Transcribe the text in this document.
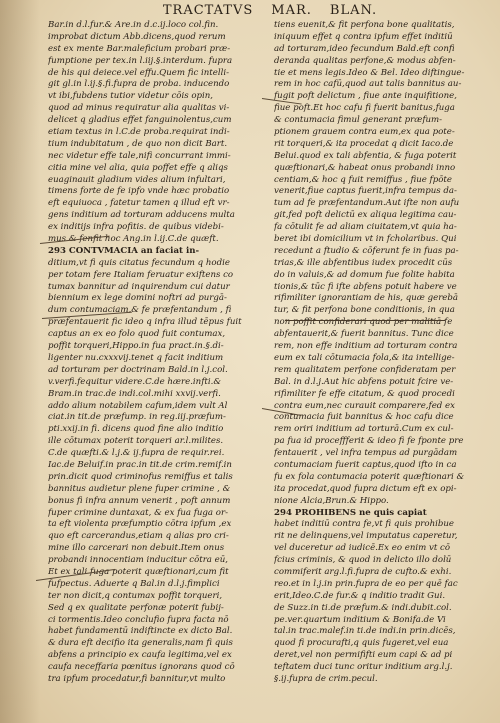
TRACTATVS MAR. BLAN.
Bar.in d.l.fur.& Are.in d.c.ij.loco col.fin.
improbat dictum Abb.dicens,quod rerum
est ex mente Bar.maleficium probari præ-
fumptione per tex.in l.iij.§.interdum. fupra
de his qui deiece.vel effu.Quem fic intelli-
git gl.in l.ij.§.fi.fupra de proba. inducendo
vt ibi,fubdens tutior videtur cōis opin,
quod ad minus requiratur alia qualitas vi-
delicet q gladius effet fanguinolentus,cum
etiam textus in l.C.de proba.requirat indi-
tium indubitatum , de quo non dicit Bart.
nec videtur effe tale,nifi concurrant immi-
citia mine vel alia, quia poffet effe q aliqs
euaginauit gladium vides alium infultari,
timens forte de fe ipfo vnde hæc probatio
eft equiuoca , fatetur tamen q illud eft vr-
gens inditium ad torturam adducens multa
ex inditijs infra pofitis. de quibus videbi-
mus & fenfit hoc Ang.in l.ij.C.de quæft.
293 CONTVMACIA an faciat in-
ditium,vt fi quis citatus fecundum q hodie
per totam fere Italiam feruatur exiftens co
tumax bannitur ad inquirendum cui datur
biennium ex lege domini noftri ad purgā-
dum contumaciam,& fe præfentandum , fi
præfentauerit fic ideo q infra illud tēpus fuit
captus an ex eo folo quod fuit contumax,
poffit torqueri,Hippo.in fua pract.in.§.di-
ligenter nu.cxxxvij.tenet q facit inditium
ad torturam per doctrinam Bald.in l.j.col.
v.verfi.fequitur videre.C.de hære.infti.&
Bram.in trac.de indi.col.mihi xxvij.verfi.
addo alium notabilem cafum,idem vult Al
ciat.in tit.de præfump. in reg.iij.præfum-
pti.xxij.in fi. dicens quod fine alio inditio
ille cōtumax poterit torqueri ar.l.milites.
C.de quæfti.& l.j.& ij.fupra de requir.rei.
Iac.de Beluif.in prac.in tit.de crim.remif.in
prin.dicit quod criminofus remiffus et talis
bannitus audietur plene fuper crimine , &
bonus fi infra annum venerit , poft annum
fuper crimine duntaxat, & ex fua fuga or-
ta eft violenta præfumptio cōtra ipfum ,ex
quo eft carcerandus,etiam q alias pro cri-
mine illo carcerari non debuit.Item onus
probandi innocentiam inducitur cōtra eū,
Et ex tali fuga poterit quæftionari,cum fit
fufpectus. Aduerte q Bal.in d.l.j.fimplici
ter non dicit,q contumax poffit torqueri,
Sed q ex qualitate perfonæ poterit fubij-
ci tormentis.Ideo conclufio fupra facta nō
habet fundamentū indiftincte ex dicto Bal.
& dura eft decifio ita generalis,nam fi quis
abfens a principio ex caufa legitima,vel ex
caufa neceffaria pœnitus ignorans quod cō
tra ipfum procedatur,fi bannitur,vt multo
tiens euenit,& fit perfona bone qualitatis,
iniquum effet q contra ipfum effet inditiū
ad torturam,ideo fecundum Bald.eft confi
deranda qualitas perfone,& modus abfen-
tie et mens legis.Ideo & Bel. Ideo diftingue-
rem in hoc cafū,quod aut talis bannitus au-
fugit poft delictum , fiue ante inquifitione,
fiue poft.Et hoc cafu fi fuerit banitus,fuga
& contumacia fimul generant præfum-
ptionem grauem contra eum,ex qua pote-
rit torqueri,& ita procedat q dicit Iaco.de
Belui.quod ex tali abfentia, & fuga poterit
quæftionari,& habeat onus probandi inno
centiam,& hoc q fuit remiffus , fiue fpōte
venerit,fiue captus fuerit,infra tempus da-
tum ad fe præfentandum.Aut ifte non aufu
git,fed poft delictū ex aliqua legitima cau-
fa cōtulit fe ad aliam ciuitatem,vt quia ha-
beret ibi domicilium vt in fcholaribus. Qui
recedunt a ftudio & cōferunt fe in fuas pa-
trias,& ille abfentibus iudex procedit cūs
do in valuis,& ad domum fue folite habita
tionis,& tūc fi ifte abfens potuit habere ve
rifimiliter ignorantiam de his, quæ gerebā
tur, & fit perfona bone conditionis, in qua
non poffit confiderari quod per malitiā fe
abfentauerit,& fuerit bannitus. Tunc dice
rem, non effe inditium ad torturam contra
eum ex tali cōtumacia fola,& ita intellige-
rem qualitatem perfone confideratam per
Bal. in d.l.j.Aut hic abfens potuit fcire ve-
rifimiliter fe effe citatum, & quod procedi
contra eum,nec curauit comparere,fed ex
contumacia fuit bannitus & hoc cafu dice
rem oriri inditium ad torturā.Cum ex cul-
pa fua id proceffferit & ideo fi fe fponte pre
fentauerit , vel infra tempus ad purgādam
contumaciam fuerit captus,quod ifto in ca
fu ex fola contumacia poterit quæftionari &
ita procedat,quod fupra dictum eft ex opi-
nione Alcia,Brun.& Hippo.
294 PROHIBENS ne quis capiat
habet inditiū contra fe,vt fi quis prohibue
rit ne delinquens,vel imputatus caperetur,
vel duceretur ad iudicē.Ex eo enim vt cō
fcius criminis, & quod in delicto illo dolū
commiferit arg.l.fi.fupra de cufto.& exhi.
reo.et in l.j.in prin.fupra de eo per quē fac
erit,Ideo.C.de fur.& q inditio tradit Gui.
de Suzz.in ti.de præfum.& indi.dubit.col.
pe.ver.quartum inditium & Bonifa.de Vi
tal.in trac.malef.in ti.de indi.in prin.dicēs,
quod fi procurafti,q quis fugeret,vel eua
deret,vel non permififti eum capi & ad pi
teftatem duci tunc oritur inditium arg.l.j.
§.ij.fupra de crim.pecul.
